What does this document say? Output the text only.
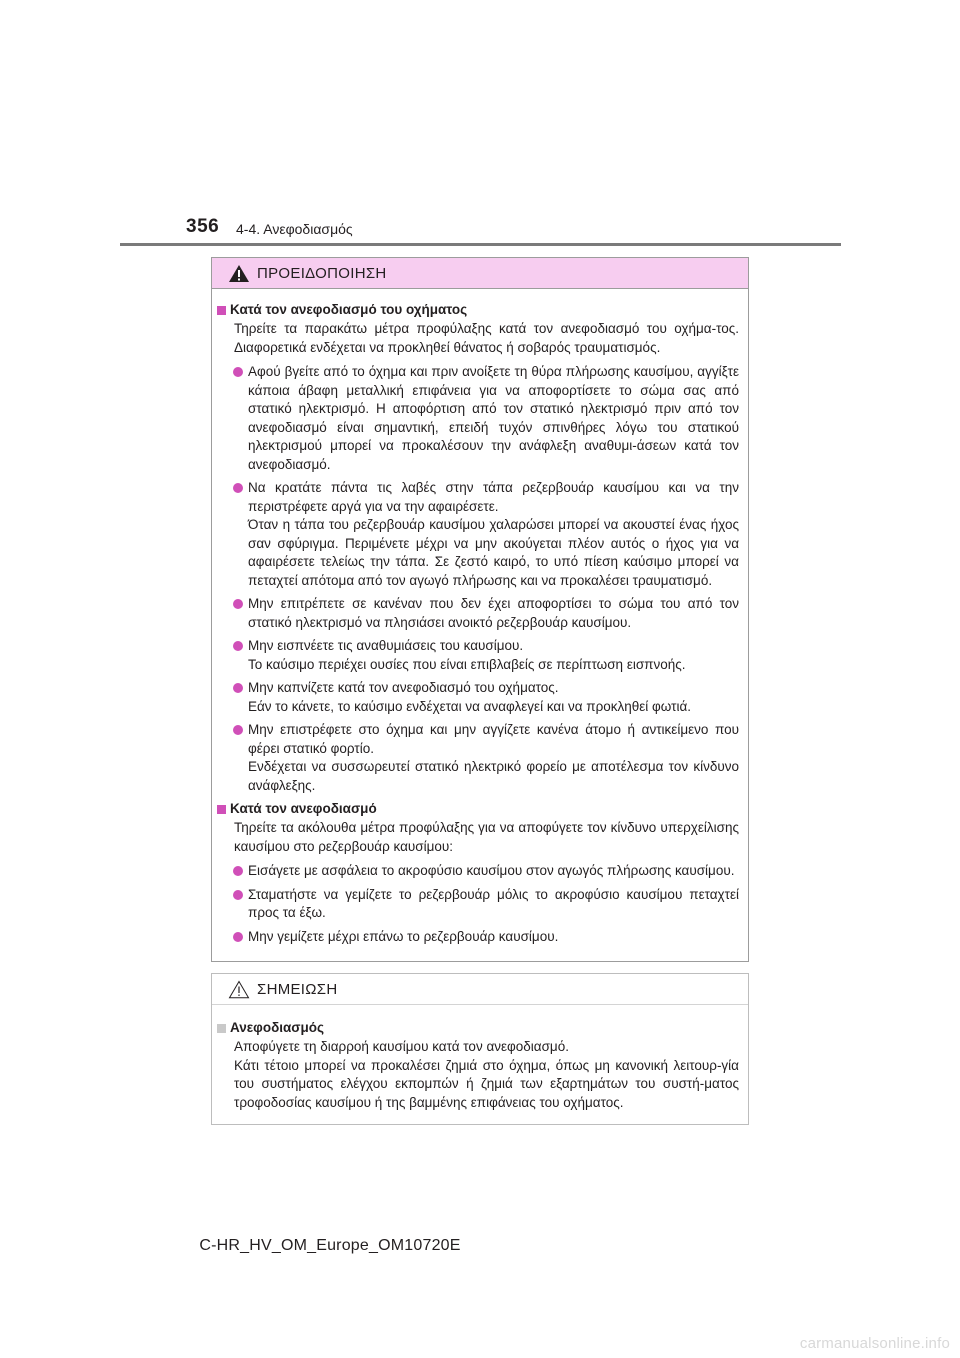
356 4-4. Ανεφοδιασμός
ΠΡΟΕΙΔΟΠΟΙΗΣΗ

Κατά τον ανεφοδιασμό του οχήματος

Τηρείτε τα παρακάτω μέτρα προφύλαξης κατά τον ανεφοδιασμό του οχήμα-τος. Διαφορετικά ενδέχεται να προκληθεί θάνατος ή σοβαρός τραυματισμός.

Αφού βγείτε από το όχημα και πριν ανοίξετε τη θύρα πλήρωσης καυσίμου, αγγίξτε κάποια άβαφη μεταλλική επιφάνεια για να αποφορτίσετε το σώμα σας από στατικό ηλεκτρισμό. Η αποφόρτιση από τον στατικό ηλεκτρισμό πριν από τον ανεφοδιασμό είναι σημαντική, επειδή τυχόν σπινθήρες λόγω του στατικού ηλεκτρισμού μπορεί να προκαλέσουν την ανάφλεξη αναθυμι-άσεων κατά τον ανεφοδιασμό.

Να κρατάτε πάντα τις λαβές στην τάπα ρεζερβουάρ καυσίμου και να την περιστρέφετε αργά για να την αφαιρέσετε.

Όταν η τάπα του ρεζερβουάρ καυσίμου χαλαρώσει μπορεί να ακουστεί ένας ήχος σαν σφύριγμα. Περιμένετε μέχρι να μην ακούγεται πλέον αυτός ο ήχος για να αφαιρέσετε τελείως την τάπα. Σε ζεστό καιρό, το υπό πίεση καύσιμο μπορεί να πεταχτεί απότομα από τον αγωγό πλήρωσης και να προκαλέσει τραυματισμό.

Μην επιτρέπετε σε κανέναν που δεν έχει αποφορτίσει το σώμα του από τον στατικό ηλεκτρισμό να πλησιάσει ανοικτό ρεζερβουάρ καυσίμου.

Μην εισπνέετε τις αναθυμιάσεις του καυσίμου.

Το καύσιμο περιέχει ουσίες που είναι επιβλαβείς σε περίπτωση εισπνοής.

Μην καπνίζετε κατά τον ανεφοδιασμό του οχήματος.

Εάν το κάνετε, το καύσιμο ενδέχεται να αναφλεγεί και να προκληθεί φωτιά.

Μην επιστρέφετε στο όχημα και μην αγγίζετε κανένα άτομο ή αντικείμενο που φέρει στατικό φορτίο.

Ενδέχεται να συσσωρευτεί στατικό ηλεκτρικό φορείο με αποτέλεσμα τον κίνδυνο ανάφλεξης.

Κατά τον ανεφοδιασμό

Τηρείτε τα ακόλουθα μέτρα προφύλαξης για να αποφύγετε τον κίνδυνο υπερχείλισης καυσίμου στο ρεζερβουάρ καυσίμου:

Εισάγετε με ασφάλεια το ακροφύσιο καυσίμου στον αγωγός πλήρωσης καυσίμου.

Σταματήστε να γεμίζετε το ρεζερβουάρ μόλις το ακροφύσιο καυσίμου πεταχτεί προς τα έξω.

Μην γεμίζετε μέχρι επάνω το ρεζερβουάρ καυσίμου.

ΣΗΜΕΙΩΣΗ

Ανεφοδιασμός

Αποφύγετε τη διαρροή καυσίμου κατά τον ανεφοδιασμό.

Κάτι τέτοιο μπορεί να προκαλέσει ζημιά στο όχημα, όπως μη κανονική λειτουρ-γία του συστήματος ελέγχου εκπομπών ή ζημιά των εξαρτημάτων του συστή-ματος τροφοδοσίας καυσίμου ή της βαμμένης επιφάνειας του οχήματος.

C-HR_HV_OM_Europe_OM10720E
carmanualsonline.info
